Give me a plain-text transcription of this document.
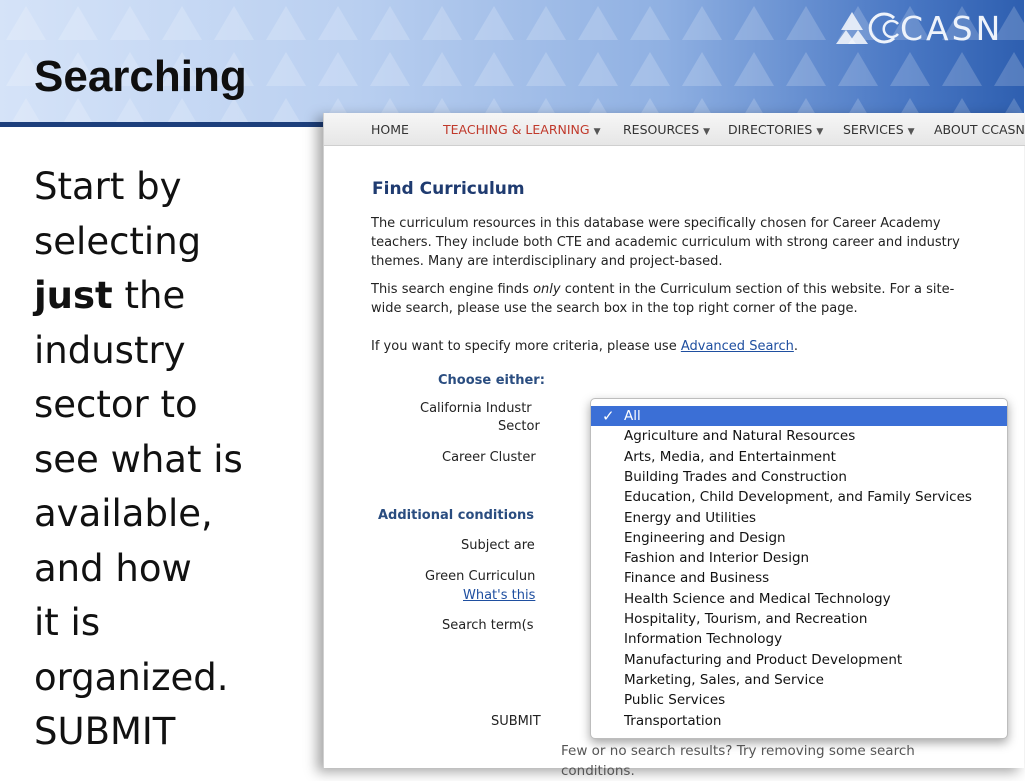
Searching
CASN
Start by
selecting
just the
industry
sector to
see what is
available,
and how
it is
organized.
SUBMIT
HOME	TEACHING & LEARNING ▼ RESOURCES ▼ DIRECTORIES ▼ SERVICES ▼ ABOUT CCASN
Find Curriculum
The curriculum resources in this database were specifically chosen for Career Academy
teachers. They include both CTE and academic curriculum with strong career and industry
themes. Many are interdisciplinary and project-based.
This search engine finds only content in the Curriculum section of this website. For a site-
wide search, please use the search box in the top right corner of the page.
If you want to specify more criteria, please use Advanced Search.
Choose either:
California Industr
Sector
Career Cluster
Additional conditions
Subject are
Green Curriculun
What's this
Search term(s
SUBMIT
✓ All
Agriculture and Natural Resources
Arts, Media, and Entertainment
Building Trades and Construction
Education, Child Development, and Family Services
Energy and Utilities
Engineering and Design
Fashion and Interior Design
Finance and Business
Health Science and Medical Technology
Hospitality, Tourism, and Recreation
Information Technology
Manufacturing and Product Development
Marketing, Sales, and Service
Public Services
Transportation
Few or no search results? Try removing some search
conditions.
